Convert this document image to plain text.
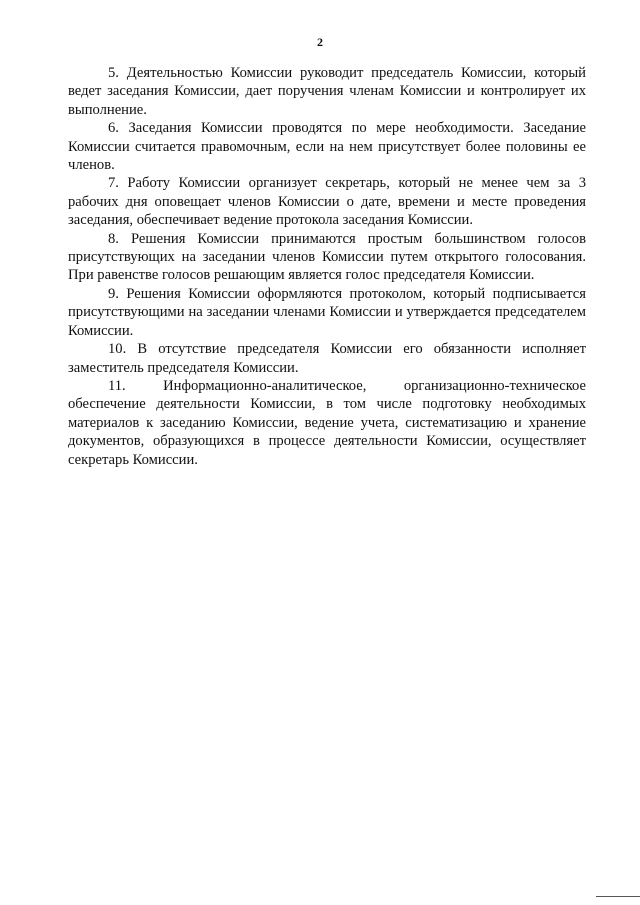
2

5. Деятельностью Комиссии руководит председатель Комиссии, который ведет заседания Комиссии, дает поручения членам Комиссии и контролирует их выполнение.

6. Заседания Комиссии проводятся по мере необходимости. Заседание Комиссии считается правомочным, если на нем присутствует более половины ее членов.

7. Работу Комиссии организует секретарь, который не менее чем за 3 рабочих дня оповещает членов Комиссии о дате, времени и месте проведения заседания, обеспечивает ведение протокола заседания Комиссии.

8. Решения Комиссии принимаются простым большинством голосов присутствующих на заседании членов Комиссии путем открытого голосования. При равенстве голосов решающим является голос председателя Комиссии.

9. Решения Комиссии оформляются протоколом, который подписывается присутствующими на заседании членами Комиссии и утверждается председателем Комиссии.

10. В отсутствие председателя Комиссии его обязанности исполняет заместитель председателя Комиссии.

11. Информационно-аналитическое, организационно-техническое обеспечение деятельности Комиссии, в том числе подготовку необходимых материалов к заседанию Комиссии, ведение учета, систематизацию и хранение документов, образующихся в процессе деятельности Комиссии, осуществляет секретарь Комиссии.
